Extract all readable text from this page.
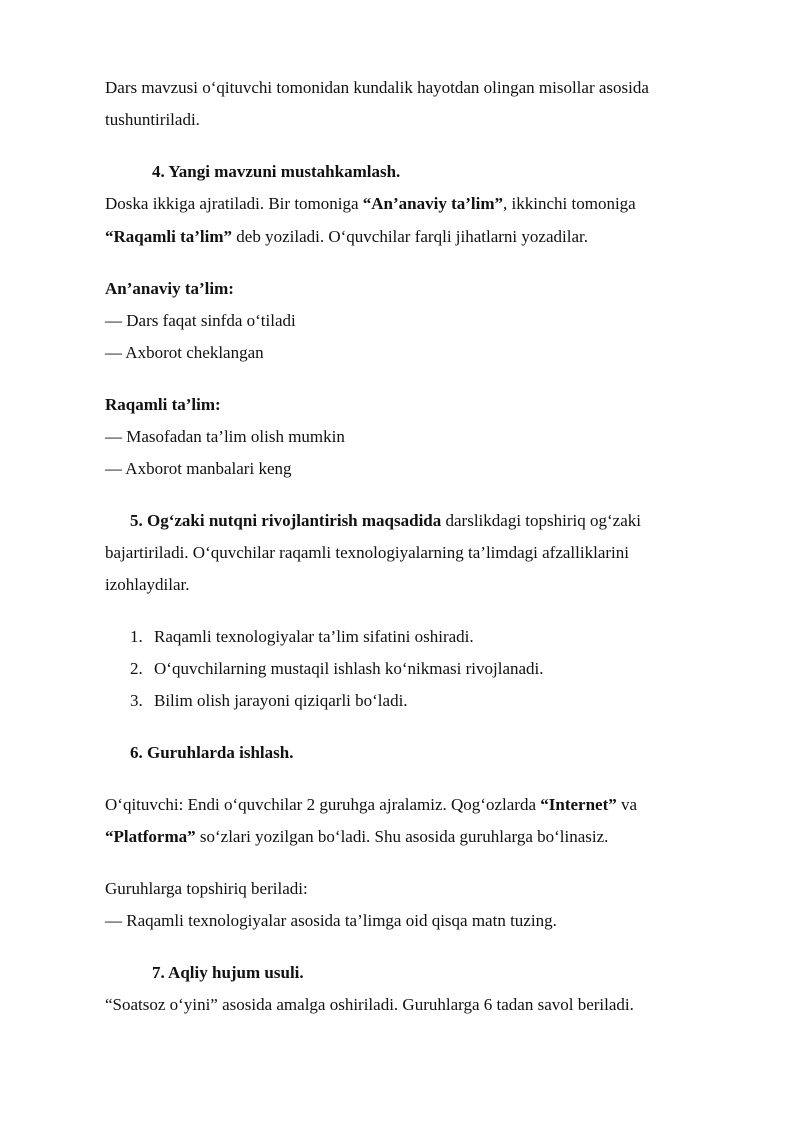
Dars mavzusi o‘qituvchi tomonidan kundalik hayotdan olingan misollar asosida
tushuntiriladi.
4. Yangi mavzuni mustahkamlash.
Doska ikkiga ajratiladi. Bir tomoniga “An’anaviy ta’lim”, ikkinchi tomoniga
“Raqamli ta’lim” deb yoziladi. O‘quvchilar farqli jihatlarni yozadilar.
An’anaviy ta’lim:
— Dars faqat sinfda o‘tiladi
— Axborot cheklangan
Raqamli ta’lim:
— Masofadan ta’lim olish mumkin
— Axborot manbalari keng
5. Og‘zaki nutqni rivojlantirish maqsadida darslikdagi topshiriq og‘zaki
bajartiriladi. O‘quvchilar raqamli texnologiyalarning ta’limdagi afzalliklarini
izohlaydilar.
1. Raqamli texnologiyalar ta’lim sifatini oshiradi.
2. O‘quvchilarning mustaqil ishlash ko‘nikmasi rivojlanadi.
3. Bilim olish jarayoni qiziqarli bo‘ladi.
6. Guruhlarda ishlash.
O‘qituvchi: Endi o‘quvchilar 2 guruhga ajralamiz. Qog‘ozlarda “Internet” va
“Platforma” so‘zlari yozilgan bo‘ladi. Shu asosida guruhlarga bo‘linasiz.
Guruhlarga topshiriq beriladi:
— Raqamli texnologiyalar asosida ta’limga oid qisqa matn tuzing.
7. Aqliy hujum usuli.
“Soatsoz o‘yini” asosida amalga oshiriladi. Guruhlarga 6 tadan savol beriladi.
